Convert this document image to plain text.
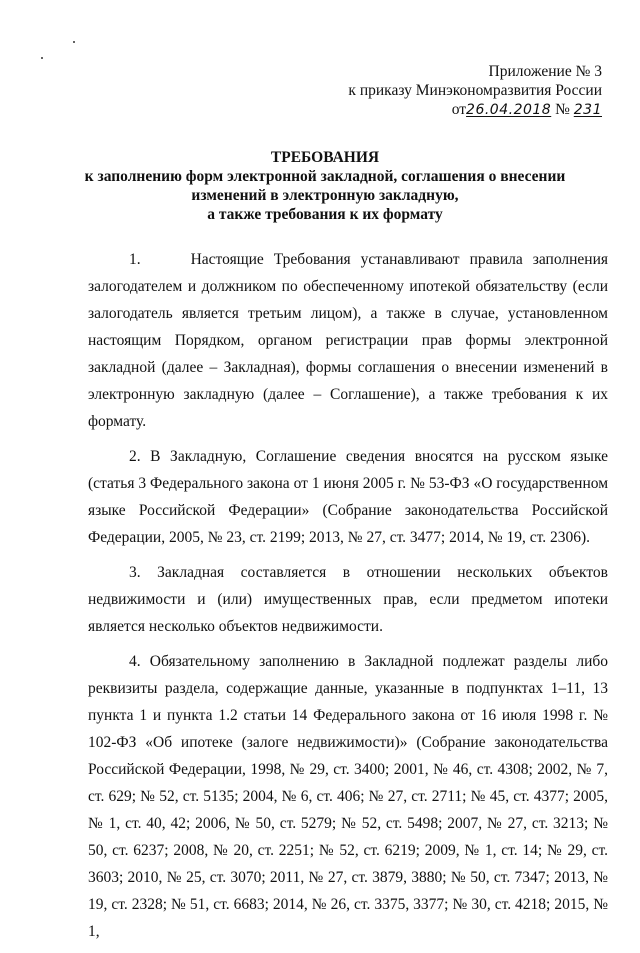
Приложение № 3
к приказу Минэкономразвития России
от26.04.2018 № 231
ТРЕБОВАНИЯ
к заполнению форм электронной закладной, соглашения о внесении
изменений в электронную закладную,
а также требования к их формату

1.     Настоящие Требования устанавливают правила заполнения залогодателем и должником по обеспеченному ипотекой обязательству (если залогодатель является третьим лицом), а также в случае, установленном настоящим Порядком, органом регистрации прав формы электронной закладной (далее – Закладная), формы соглашения о внесении изменений в электронную закладную (далее – Соглашение), а также требования к их формату.

2. В Закладную, Соглашение сведения вносятся на русском языке (статья 3 Федерального закона от 1 июня 2005 г. № 53-ФЗ «О государственном языке Российской Федерации» (Собрание законодательства Российской Федерации, 2005, № 23, ст. 2199; 2013, № 27, ст. 3477; 2014, № 19, ст. 2306).

3. Закладная составляется в отношении нескольких объектов недвижимости и (или) имущественных прав, если предметом ипотеки является несколько объектов недвижимости.

4. Обязательному заполнению в Закладной подлежат разделы либо реквизиты раздела, содержащие данные, указанные в подпунктах 1–11, 13 пункта 1 и пункта 1.2 статьи 14 Федерального закона от 16 июля 1998 г. № 102-ФЗ «Об ипотеке (залоге недвижимости)» (Собрание законодательства Российской Федерации, 1998, № 29, ст. 3400; 2001, № 46, ст. 4308; 2002, № 7, ст. 629; № 52, ст. 5135; 2004, № 6, ст. 406; № 27, ст. 2711; № 45, ст. 4377; 2005, № 1, ст. 40, 42; 2006, № 50, ст. 5279; № 52, ст. 5498; 2007, № 27, ст. 3213; № 50, ст. 6237; 2008, № 20, ст. 2251; № 52, ст. 6219; 2009, № 1, ст. 14; № 29, ст. 3603; 2010, № 25, ст. 3070; 2011, № 27, ст. 3879, 3880; № 50, ст. 7347; 2013, № 19, ст. 2328; № 51, ст. 6683; 2014, № 26, ст. 3375, 3377; № 30, ст. 4218; 2015, № 1,
